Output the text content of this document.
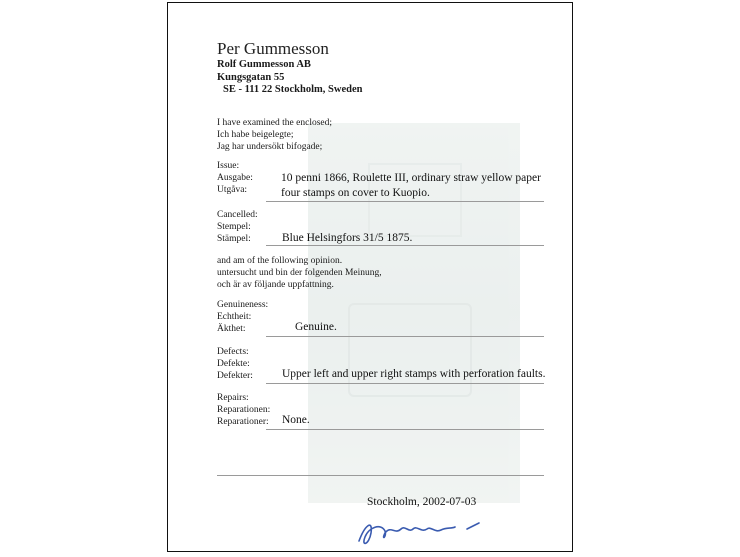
Per Gummesson
Rolf Gummesson AB
Kungsgatan 55
SE - 111 22 Stockholm, Sweden
I have examined the enclosed;
Ich habe beigelegte;
Jag har undersökt bifogade;
Issue:
Ausgabe:
Utgåva:
10 penni 1866, Roulette III, ordinary straw yellow paper
four stamps on cover to Kuopio.
Cancelled:
Stempel:
Stämpel:	Blue Helsingfors 31/5 1875.
and am of the following opinion.
untersucht und bin der folgenden Meinung,
och är av följande uppfattning.
Genuineness:
Echtheit:
Äkthet:	Genuine.
Defects:
Defekte:
Defekter:	Upper left and upper right stamps with perforation faults.
Repairs:
Reparationen:
Reparationer: None.
Stockholm, 2002-07-03
